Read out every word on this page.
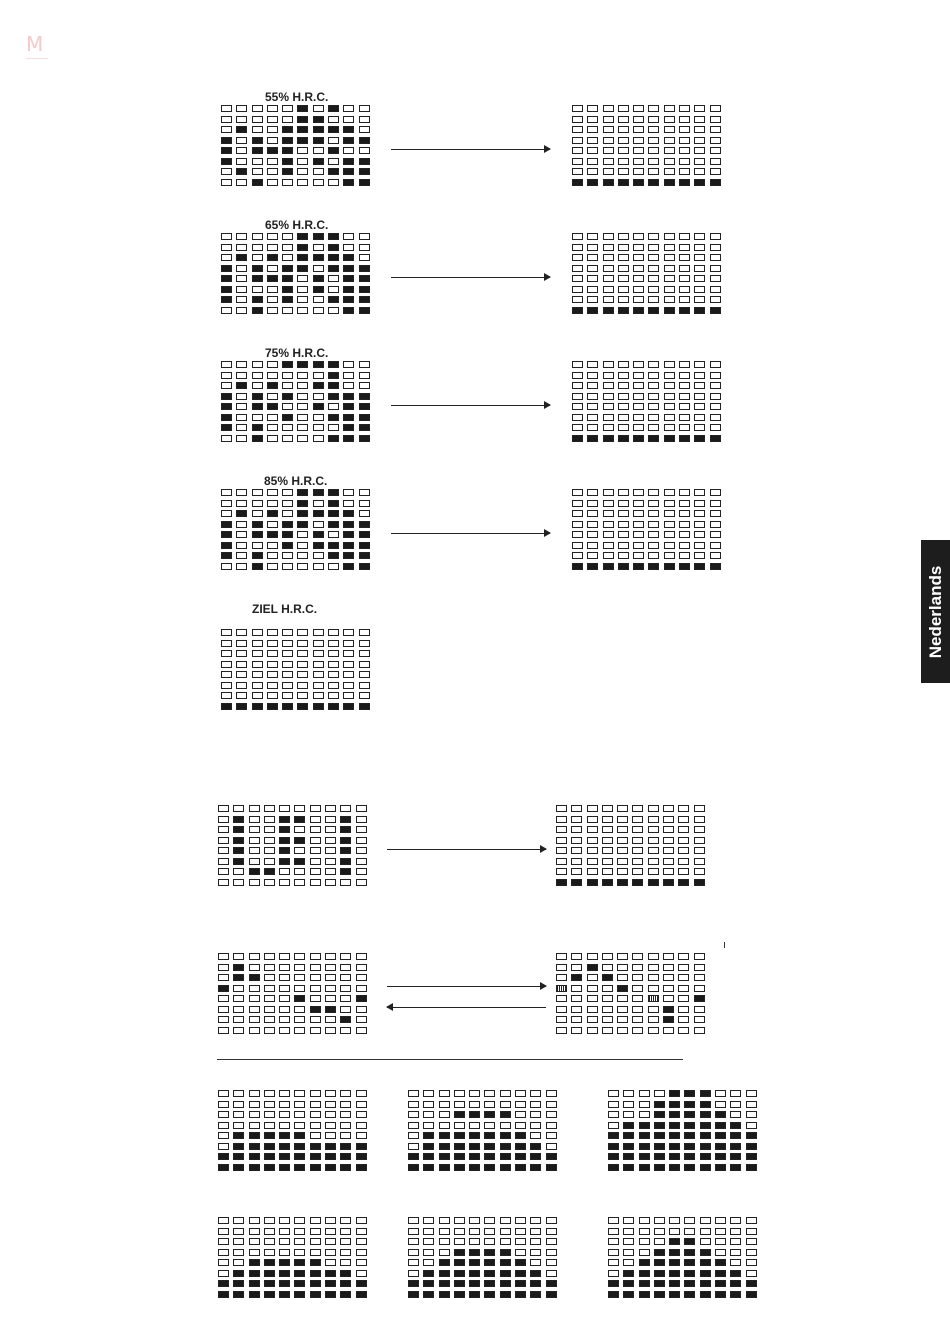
M
55% H.R.C.
65% H.R.C.
75% H.R.C.
85% H.R.C.
ZIEL H.R.C.	Nederlands
